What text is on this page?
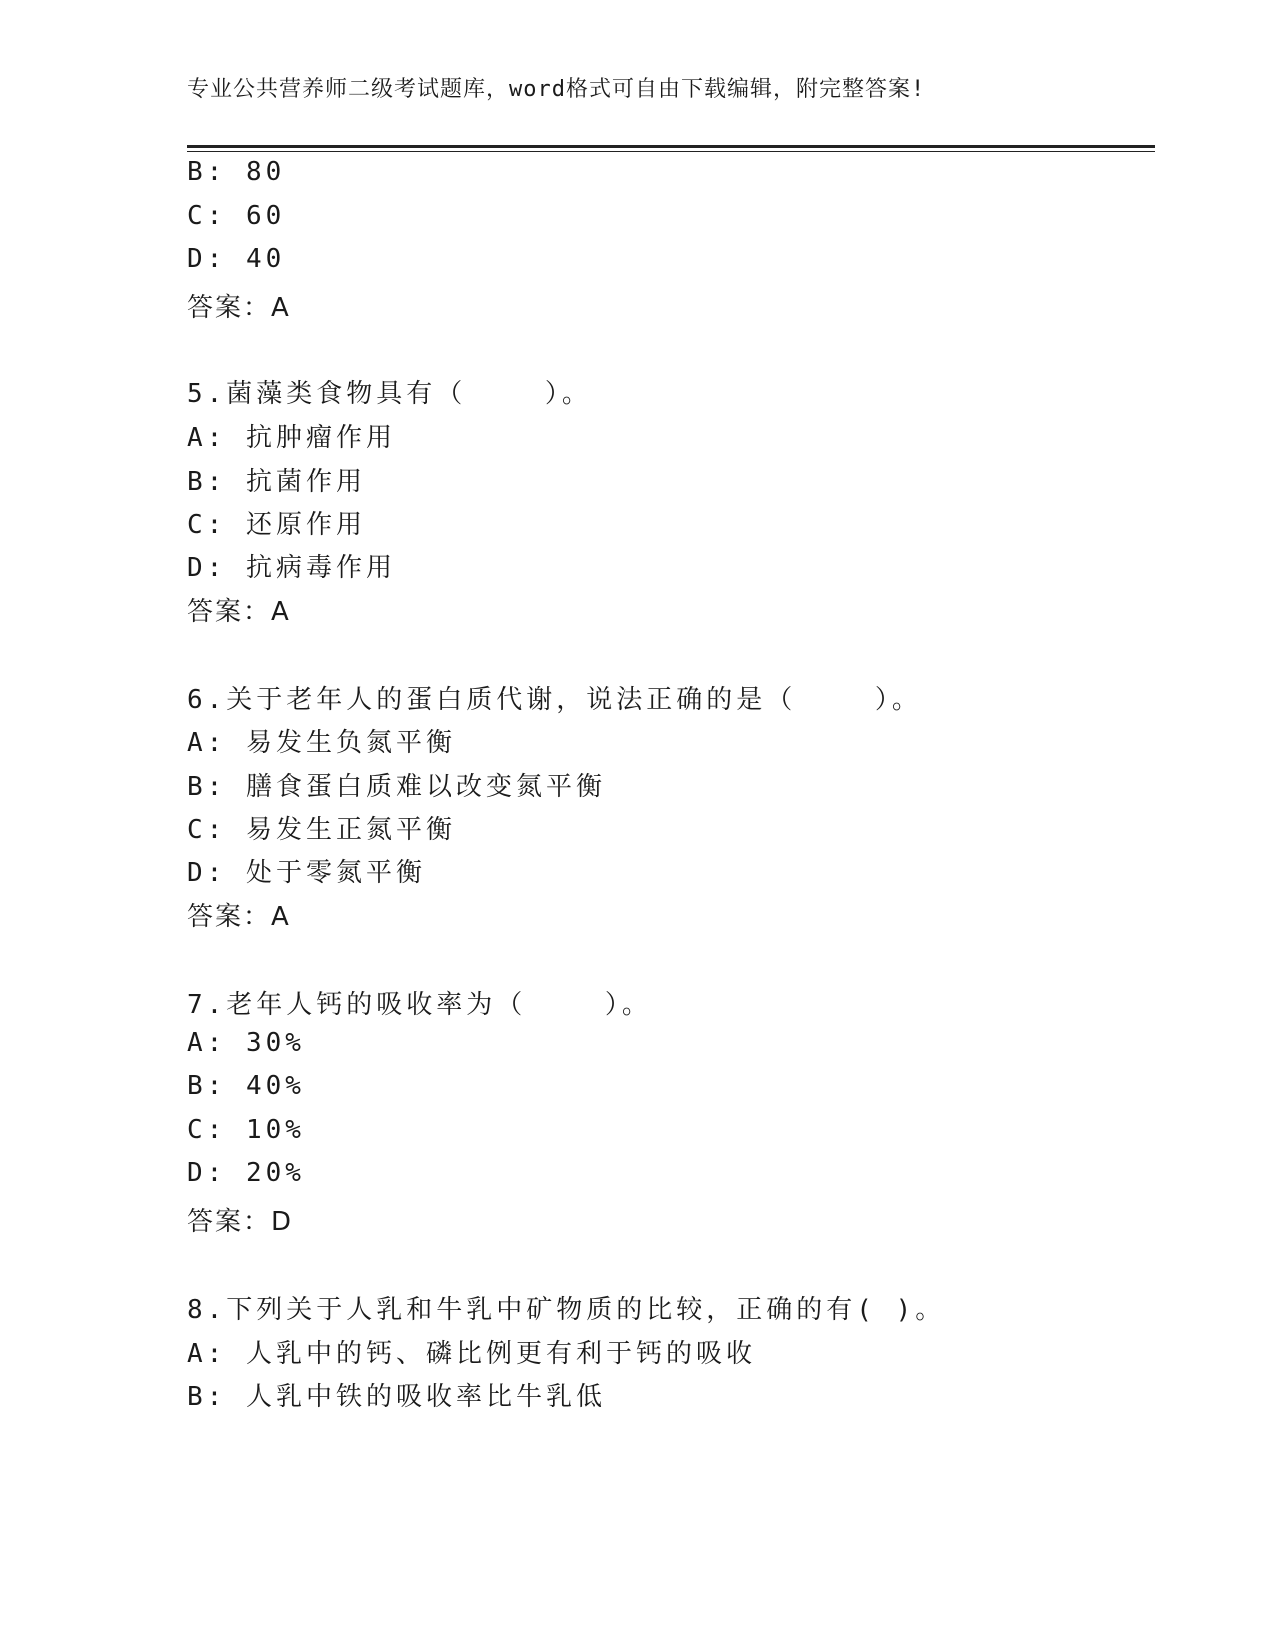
专业公共营养师二级考试题库，word格式可自由下载编辑，附完整答案!
B: 80
C: 60
D: 40
答案：A
5.菌藻类食物具有（    ）。
A: 抗肿瘤作用
B: 抗菌作用
C: 还原作用
D: 抗病毒作用
答案：A
6.关于老年人的蛋白质代谢，说法正确的是（    ）。
A: 易发生负氮平衡
B: 膳食蛋白质难以改变氮平衡
C: 易发生正氮平衡
D: 处于零氮平衡
答案：A
7.老年人钙的吸收率为（    ）。
A: 30%
B: 40%
C: 10%
D: 20%
答案：D
8.下列关于人乳和牛乳中矿物质的比较，正确的有( )。
A: 人乳中的钙、磷比例更有利于钙的吸收
B: 人乳中铁的吸收率比牛乳低
